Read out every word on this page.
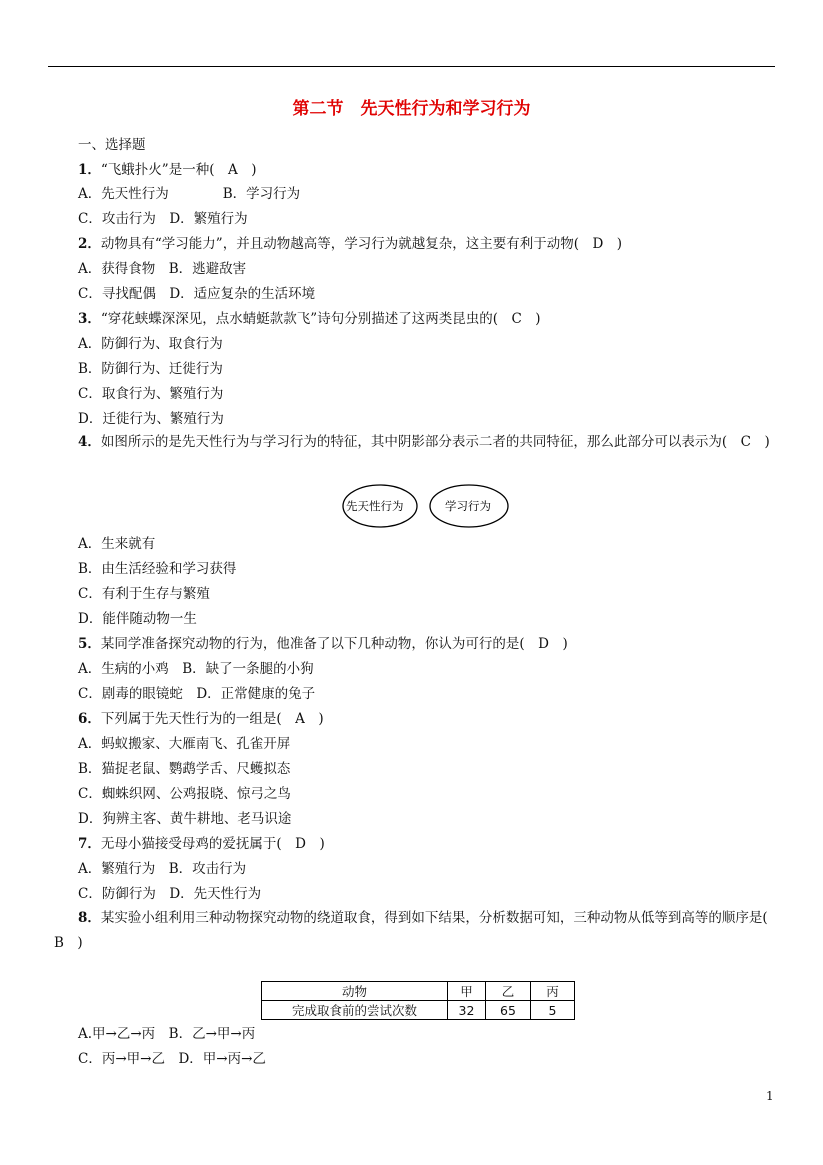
第二节　先天性行为和学习行为
一、选择题
1．“飞蛾扑火”是一种(　A　)
A．先天性行为　　　　B．学习行为
C．攻击行为　D．繁殖行为
2．动物具有“学习能力”，并且动物越高等，学习行为就越复杂，这主要有利于动物(　D　)
A．获得食物　B．逃避敌害
C．寻找配偶　D．适应复杂的生活环境
3．“穿花蛱蝶深深见，点水蜻蜓款款飞”诗句分别描述了这两类昆虫的(　C　)
A．防御行为、取食行为
B．防御行为、迁徙行为
C．取食行为、繁殖行为
D．迁徙行为、繁殖行为
4．如图所示的是先天性行为与学习行为的特征，其中阴影部分表示二者的共同特征，那么此部分可以表示为(　C　)
先天性行为	学习行为
A．生来就有
B．由生活经验和学习获得
C．有利于生存与繁殖
D．能伴随动物一生
5．某同学准备探究动物的行为，他准备了以下几种动物，你认为可行的是(　D　)
A．生病的小鸡　B．缺了一条腿的小狗
C．剧毒的眼镜蛇　D．正常健康的兔子
6．下列属于先天性行为的一组是(　A　)
A．蚂蚁搬家、大雁南飞、孔雀开屏
B．猫捉老鼠、鹦鹉学舌、尺蠖拟态
C．蜘蛛织网、公鸡报晓、惊弓之鸟
D．狗辨主客、黄牛耕地、老马识途
7．无母小猫接受母鸡的爱抚属于(　D　)
A．繁殖行为　B．攻击行为
C．防御行为　D．先天性行为
8．某实验小组利用三种动物探究动物的绕道取食，得到如下结果，分析数据可知，三种动物从低等到高等的顺序是(　B　)
动物	甲	乙	丙
完成取食前的尝试次数	32	65	5
A.甲→乙→丙　B．乙→甲→丙
C．丙→甲→乙　D．甲→丙→乙
1
